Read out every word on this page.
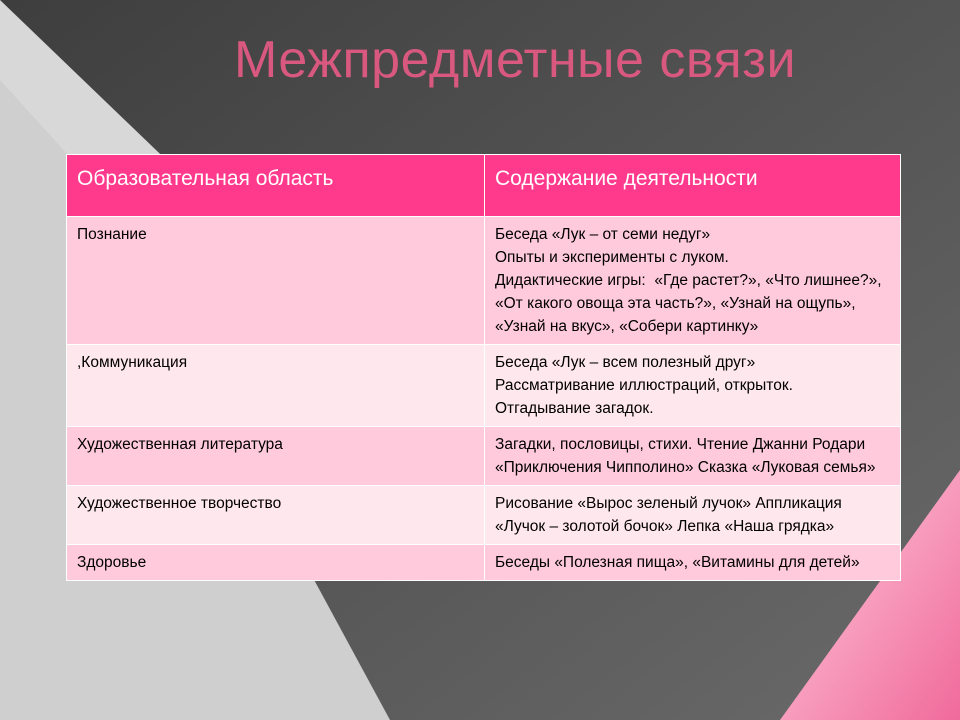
Межпредметные связи
Образовательная область	Содержание деятельности
Познание	Беседа «Лук – от семи недуг»
Опыты и эксперименты с луком.
Дидактические игры:  «Где растет?», «Что лишнее?», «От какого овоща эта часть?», «Узнай на ощупь», «Узнай на вкус», «Собери картинку»

,Коммуникация	Беседа «Лук – всем полезный друг»
Рассматривание иллюстраций, открыток.
Отгадывание загадок.

Художественная литература	Загадки, пословицы, стихи. Чтение Джанни Родари «Приключения Чипполино» Сказка «Луковая семья»

Художественное творчество	Рисование «Вырос зеленый лучок» Аппликация «Лучок – золотой бочок» Лепка «Наша грядка»

Здоровье	Беседы «Полезная пища», «Витамины для детей»
